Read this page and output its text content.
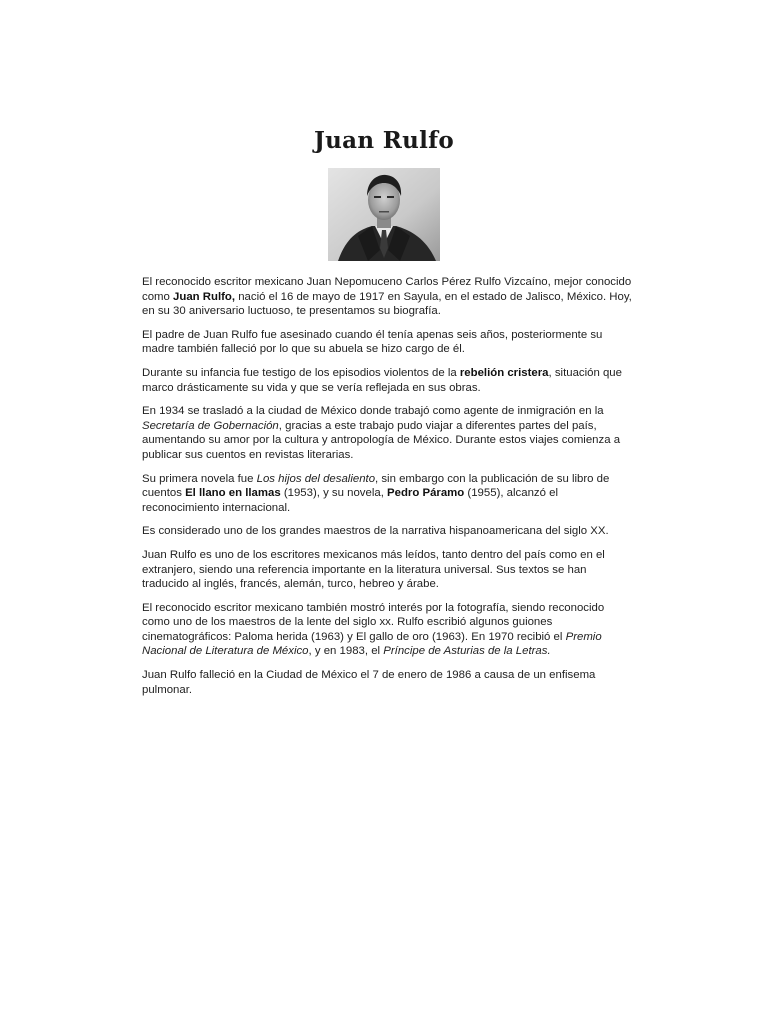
Juan Rulfo

El reconocido escritor mexicano Juan Nepomuceno Carlos Pérez Rulfo Vizcaíno, mejor conocido como Juan Rulfo, nació el 16 de mayo de 1917 en Sayula, en el estado de Jalisco, México. Hoy, en su 30 aniversario luctuoso, te presentamos su biografía.

El padre de Juan Rulfo fue asesinado cuando él tenía apenas seis años, posteriormente su madre también falleció por lo que su abuela se hizo cargo de él.

Durante su infancia fue testigo de los episodios violentos de la rebelión cristera, situación que marco drásticamente su vida y que se vería reflejada en sus obras.

En 1934 se trasladó a la ciudad de México donde trabajó como agente de inmigración en la Secretaría de Gobernación, gracias a este trabajo pudo viajar a diferentes partes del país, aumentando su amor por la cultura y antropología de México. Durante estos viajes comienza a publicar sus cuentos en revistas literarias.

Su primera novela fue Los hijos del desaliento, sin embargo con la publicación de su libro de cuentos El llano en llamas (1953), y su novela, Pedro Páramo (1955), alcanzó el reconocimiento internacional.

Es considerado uno de los grandes maestros de la narrativa hispanoamericana del siglo XX.

Juan Rulfo es uno de los escritores mexicanos más leídos, tanto dentro del país como en el extranjero, siendo una referencia importante en la literatura universal. Sus textos se han traducido al inglés, francés, alemán, turco, hebreo y árabe.

El reconocido escritor mexicano también mostró interés por la fotografía, siendo reconocido como uno de los maestros de la lente del siglo xx. Rulfo escribió algunos guiones cinematográficos: Paloma herida (1963) y El gallo de oro (1963). En 1970 recibió el Premio Nacional de Literatura de México, y en 1983, el Príncipe de Asturias de la Letras.

Juan Rulfo falleció en la Ciudad de México el 7 de enero de 1986 a causa de un enfisema pulmonar.
